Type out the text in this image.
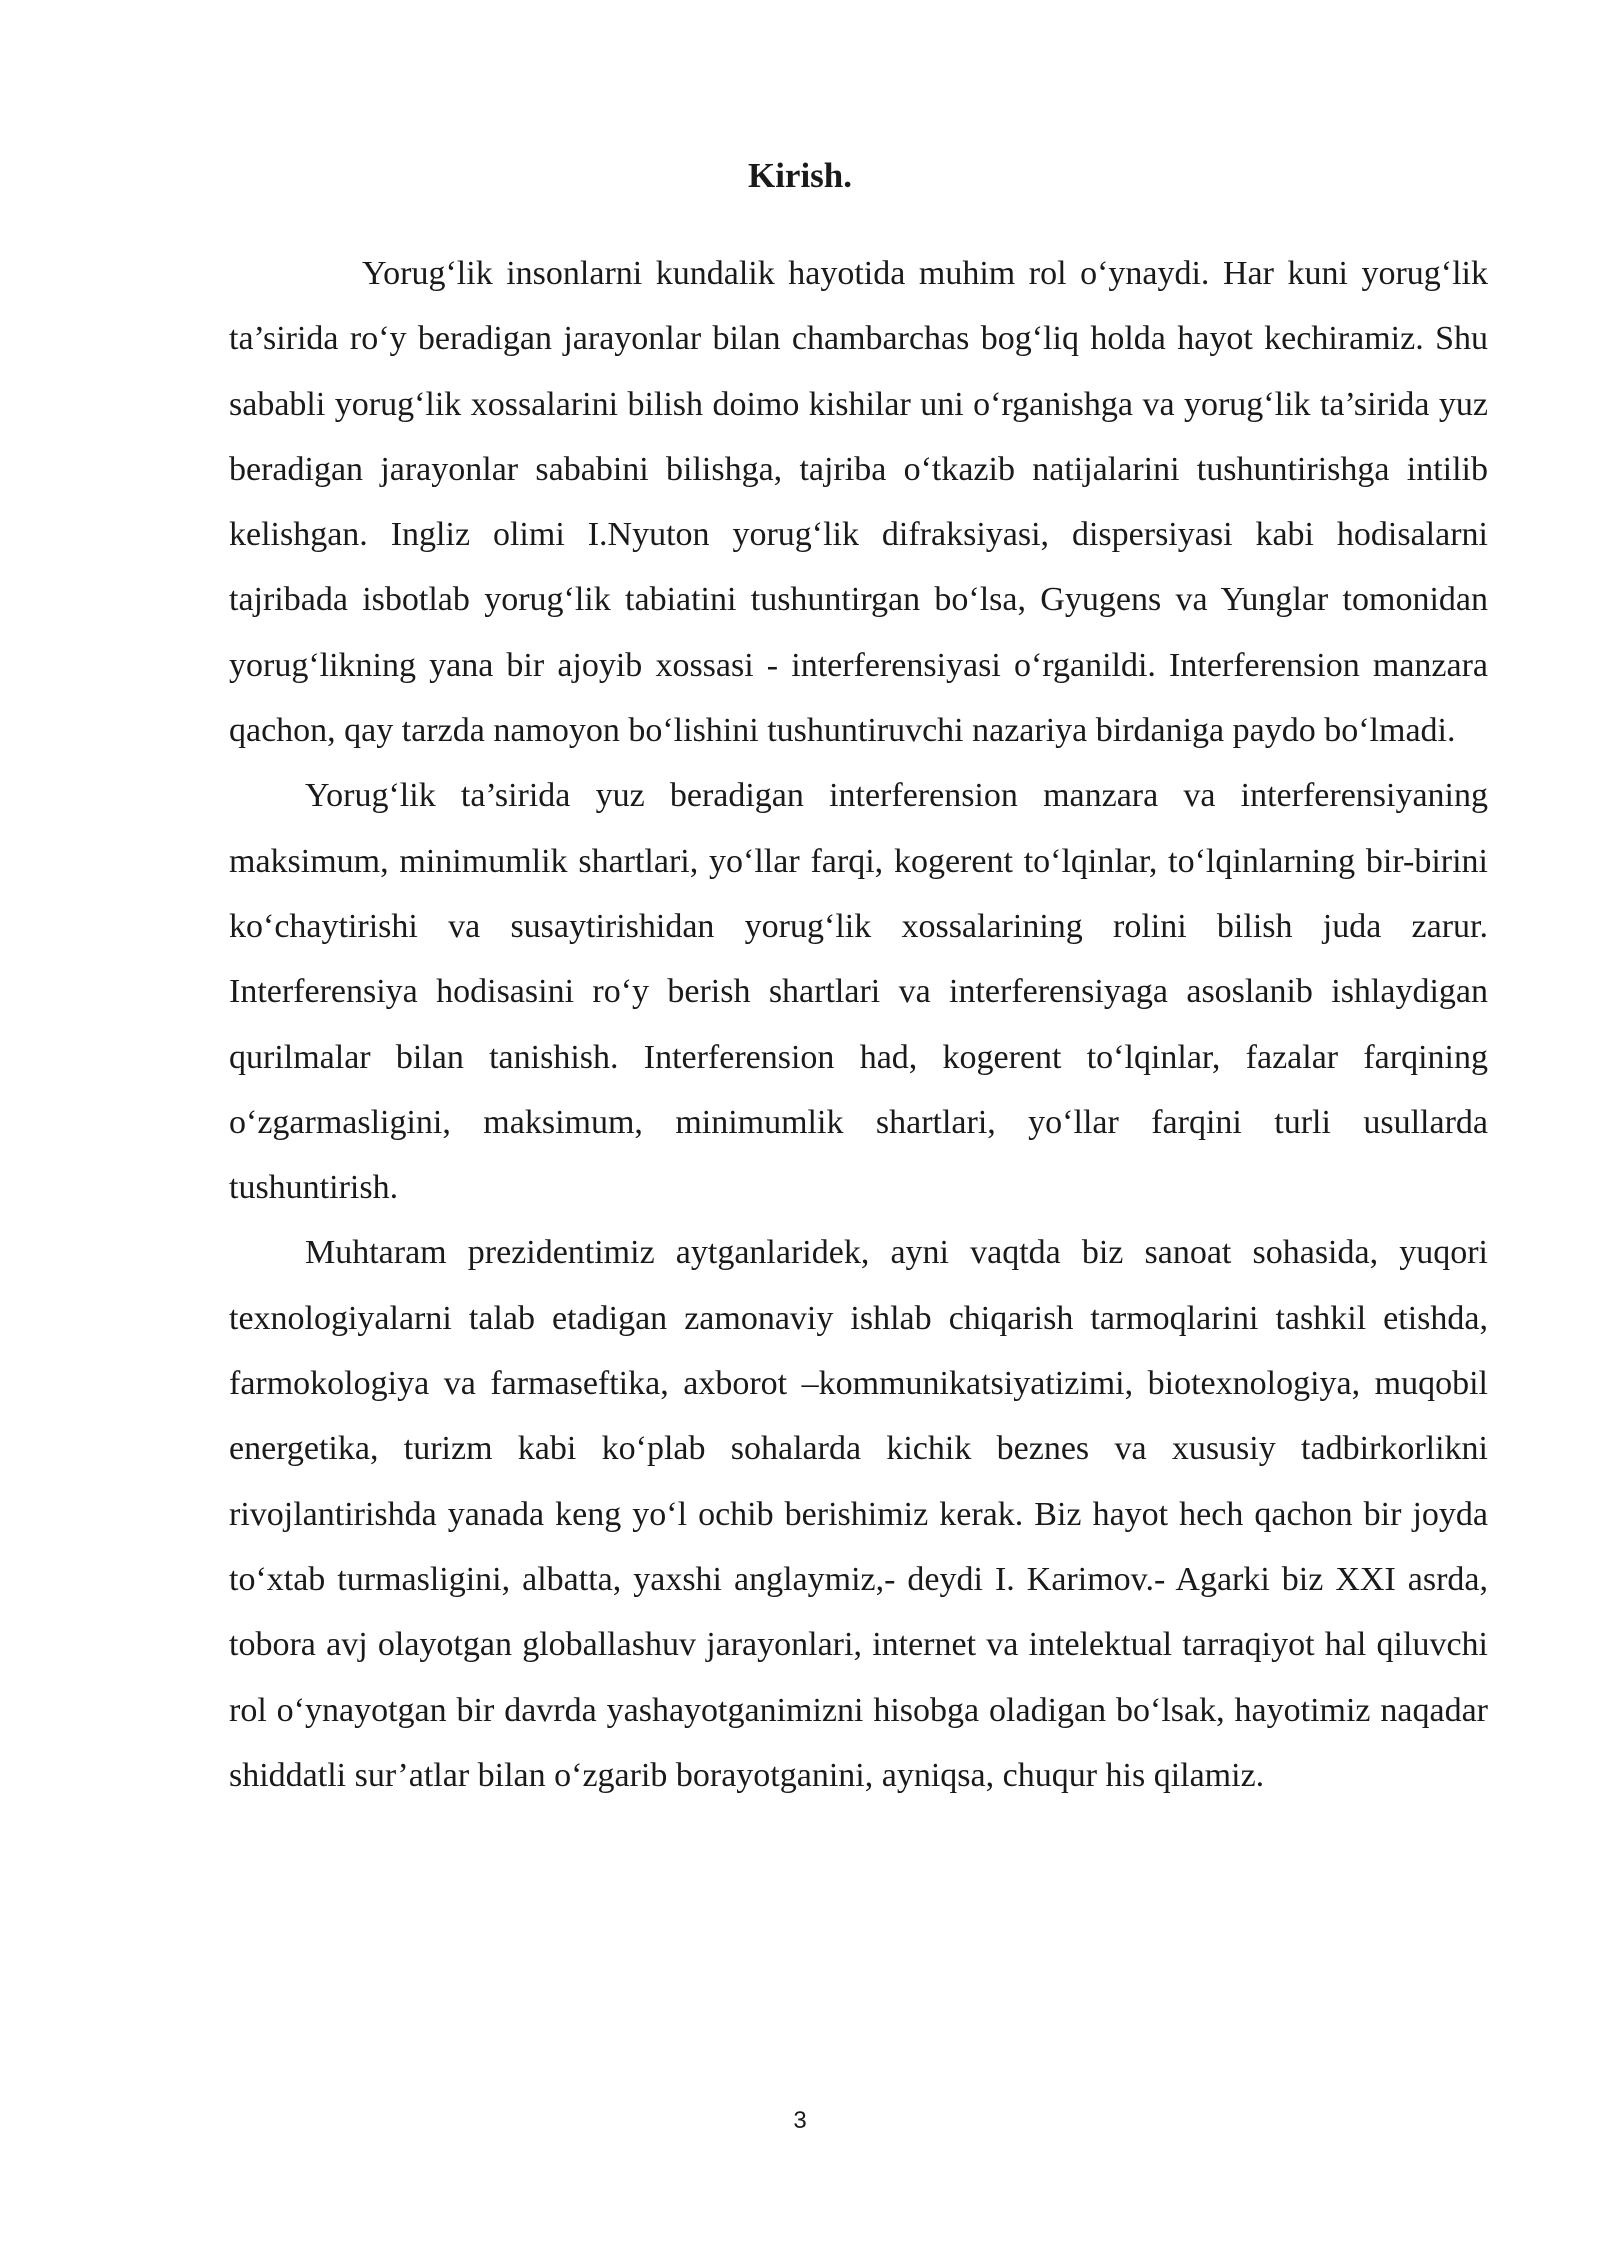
Kirish.

Yorug‘lik insonlarni kundalik hayotida muhim rol o‘ynaydi. Har kuni yorug‘lik ta’sirida ro‘y beradigan jarayonlar bilan chambarchas bog‘liq holda hayot kechiramiz. Shu sababli yorug‘lik xossalarini bilish doimo kishilar uni o‘rganishga va yorug‘lik ta’sirida yuz beradigan jarayonlar sababini bilishga, tajriba o‘tkazib natijalarini tushuntirishga intilib kelishgan. Ingliz olimi I.Nyuton yorug‘lik difraksiyasi, dispersiyasi kabi hodisalarni tajribada isbotlab yorug‘lik tabiatini tushuntirgan bo‘lsa, Gyugens va Yunglar tomonidan yorug‘likning yana bir ajoyib xossasi - interferensiyasi o‘rganildi. Interferension manzara qachon, qay tarzda namoyon bo‘lishini tushuntiruvchi nazariya birdaniga paydo bo‘lmadi.

Yorug‘lik ta’sirida yuz beradigan interferension manzara va interferensiyaning maksimum, minimumlik shartlari, yo‘llar farqi, kogerent to‘lqinlar, to‘lqinlarning bir-birini ko‘chaytirishi va susaytirishidan yorug‘lik xossalarining rolini bilish juda zarur. Interferensiya hodisasini ro‘y berish shartlari va interferensiyaga asoslanib ishlaydigan qurilmalar bilan tanishish. Interferension had, kogerent to‘lqinlar, fazalar farqining o‘zgarmasligini, maksimum, minimumlik shartlari, yo‘llar farqini turli usullarda tushuntirish.

Muhtaram prezidentimiz aytganlaridek, ayni vaqtda biz sanoat sohasida, yuqori texnologiyalarni talab etadigan zamonaviy ishlab chiqarish tarmoqlarini tashkil etishda, farmokologiya va farmaseftika, axborot –kommunikatsiyatizimi, biotexnologiya, muqobil energetika, turizm kabi ko‘plab sohalarda kichik beznes va xususiy tadbirkorlikni rivojlantirishda yanada keng yo‘l ochib berishimiz kerak. Biz hayot hech qachon bir joyda to‘xtab turmasligini, albatta, yaxshi anglaymiz,- deydi I. Karimov.- Agarki biz XXI asrda, tobora avj olayotgan globallashuv jarayonlari, internet va intelektual tarraqiyot hal qiluvchi rol o‘ynayotgan bir davrda yashayotganimizni hisobga oladigan bo‘lsak, hayotimiz naqadar shiddatli sur’atlar bilan o‘zgarib borayotganini, ayniqsa, chuqur his qilamiz.

3
